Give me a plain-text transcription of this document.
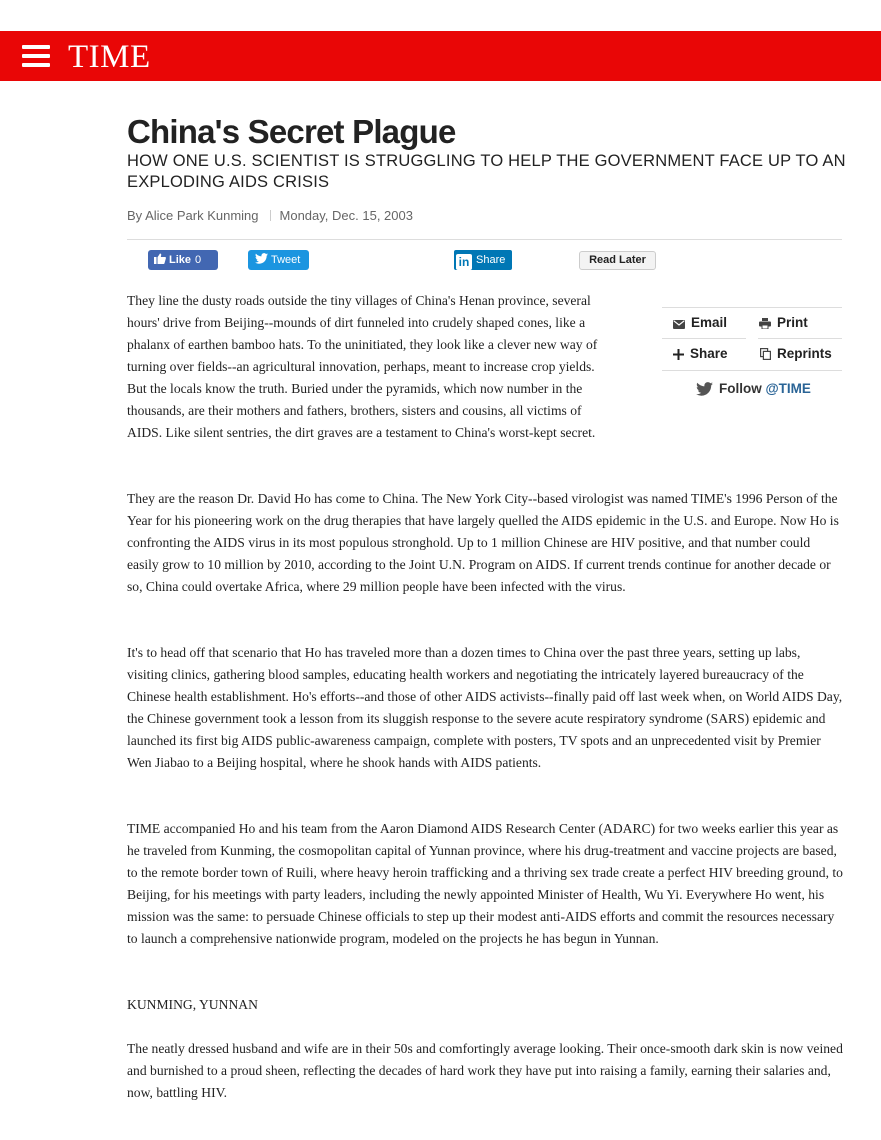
TIME
China's Secret Plague

HOW ONE U.S. SCIENTIST IS STRUGGLING TO HELP THE GOVERNMENT FACE UP TO AN EXPLODING AIDS CRISIS

By Alice Park Kunming Monday, Dec. 15, 2003
Like 0	Tweet	in Share	Read Later
Email	Print
Share	Reprints
Follow @TIME

They line the dusty roads outside the tiny villages of China's Henan province, several hours' drive from Beijing--mounds of dirt funneled into crudely shaped cones, like a phalanx of earthen bamboo hats. To the uninitiated, they look like a clever new way of turning over fields--an agricultural innovation, perhaps, meant to increase crop yields. But the locals know the truth. Buried under the pyramids, which now number in the thousands, are their mothers and fathers, brothers, sisters and cousins, all victims of AIDS. Like silent sentries, the dirt graves are a testament to China's worst-kept secret.

They are the reason Dr. David Ho has come to China. The New York City--based virologist was named TIME's 1996 Person of the Year for his pioneering work on the drug therapies that have largely quelled the AIDS epidemic in the U.S. and Europe. Now Ho is confronting the AIDS virus in its most populous stronghold. Up to 1 million Chinese are HIV positive, and that number could easily grow to 10 million by 2010, according to the Joint U.N. Program on AIDS. If current trends continue for another decade or so, China could overtake Africa, where 29 million people have been infected with the virus.

It's to head off that scenario that Ho has traveled more than a dozen times to China over the past three years, setting up labs, visiting clinics, gathering blood samples, educating health workers and negotiating the intricately layered bureaucracy of the Chinese health establishment. Ho's efforts--and those of other AIDS activists--finally paid off last week when, on World AIDS Day, the Chinese government took a lesson from its sluggish response to the severe acute respiratory syndrome (SARS) epidemic and launched its first big AIDS public-awareness campaign, complete with posters, TV spots and an unprecedented visit by Premier Wen Jiabao to a Beijing hospital, where he shook hands with AIDS patients.

TIME accompanied Ho and his team from the Aaron Diamond AIDS Research Center (ADARC) for two weeks earlier this year as he traveled from Kunming, the cosmopolitan capital of Yunnan province, where his drug-treatment and vaccine projects are based, to the remote border town of Ruili, where heavy heroin trafficking and a thriving sex trade create a perfect HIV breeding ground, to Beijing, for his meetings with party leaders, including the newly appointed Minister of Health, Wu Yi. Everywhere Ho went, his mission was the same: to persuade Chinese officials to step up their modest anti-AIDS efforts and commit the resources necessary to launch a comprehensive nationwide program, modeled on the projects he has begun in Yunnan.

KUNMING, YUNNAN

The neatly dressed husband and wife are in their 50s and comfortingly average looking. Their once-smooth dark skin is now veined and burnished to a proud sheen, reflecting the decades of hard work they have put into raising a family, earning their salaries and, now, battling HIV.
